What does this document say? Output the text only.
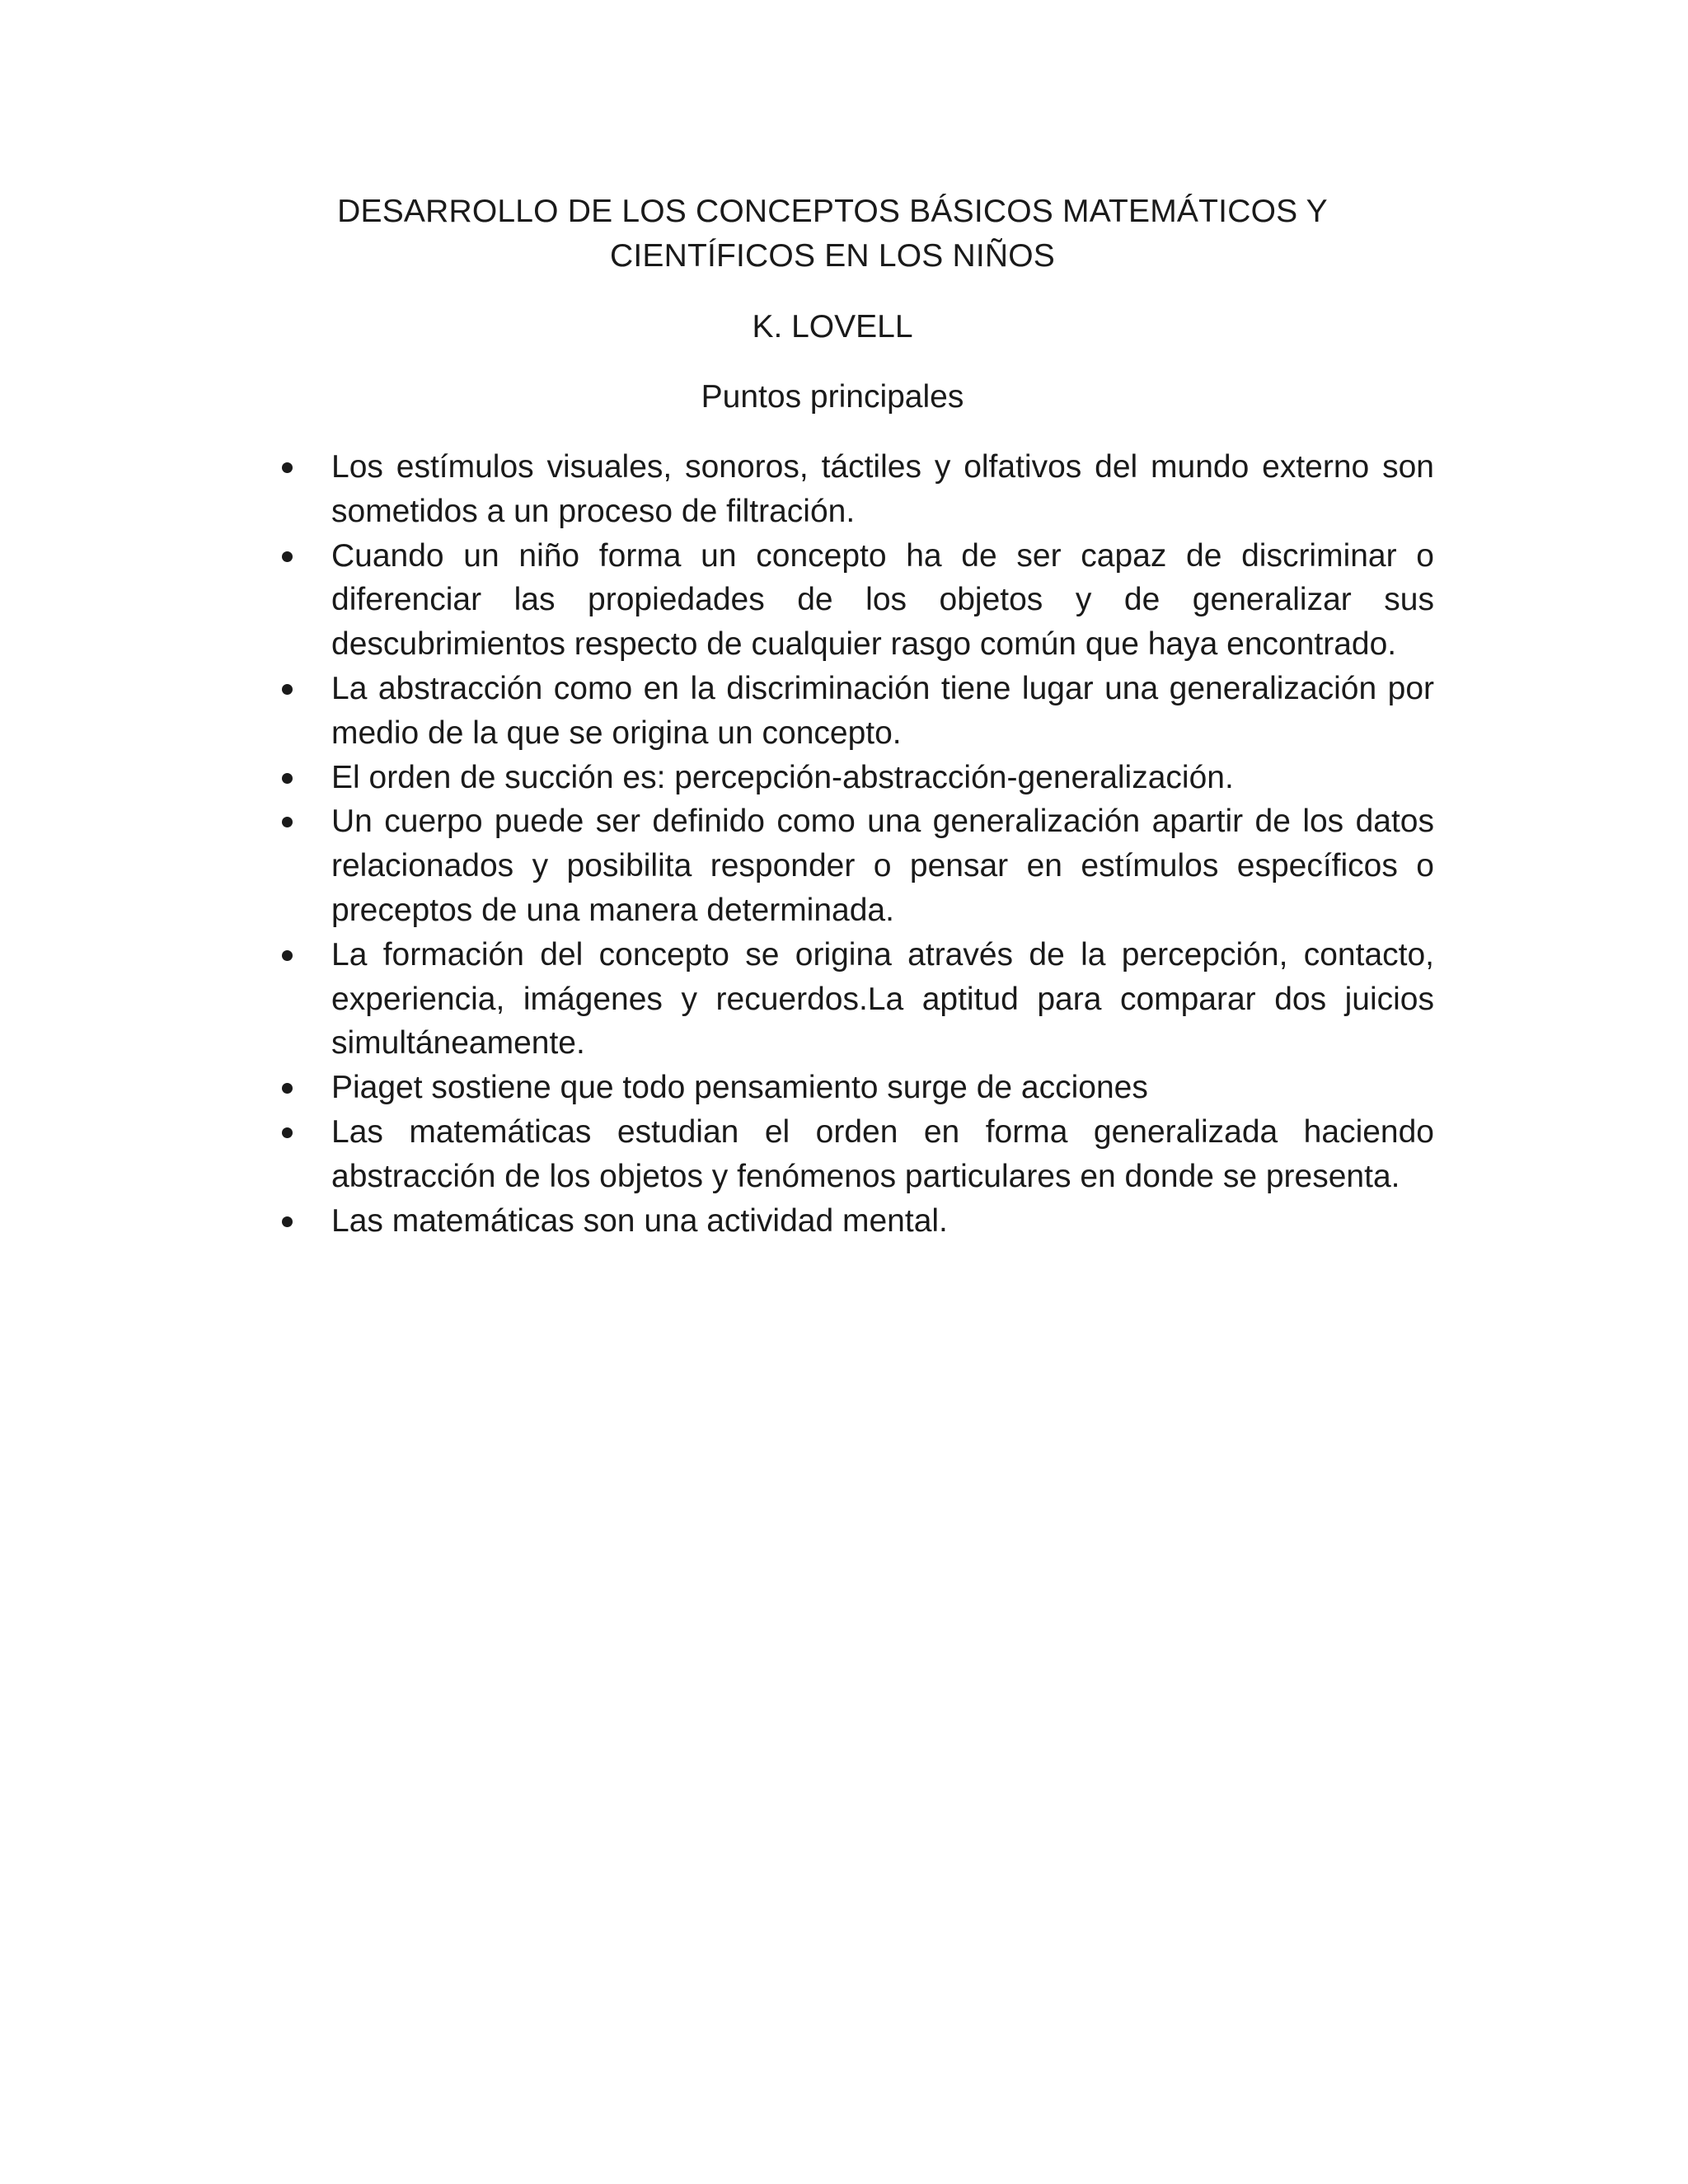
DESARROLLO DE LOS CONCEPTOS BÁSICOS MATEMÁTICOS Y
CIENTÍFICOS EN LOS NIÑOS
K. LOVELL
Puntos principales
Los estímulos visuales, sonoros, táctiles y olfativos del mundo externo son sometidos a un proceso de filtración.
Cuando un niño forma un concepto ha de ser capaz de discriminar o diferenciar las propiedades de los objetos y de generalizar sus descubrimientos respecto de cualquier rasgo común que haya encontrado.
La abstracción como en la discriminación tiene lugar una generalización por medio de la que se origina un concepto.
El orden de succión es: percepción-abstracción-generalización.
Un cuerpo puede ser definido como una generalización apartir de los datos relacionados y posibilita responder o pensar en estímulos específicos o preceptos de una manera determinada.
La formación del concepto se origina através de la percepción, contacto, experiencia, imágenes y recuerdos.La aptitud para comparar dos juicios simultáneamente.
Piaget sostiene que todo pensamiento surge de acciones
Las matemáticas estudian el orden en forma generalizada haciendo abstracción de los objetos y fenómenos particulares en donde se presenta.
Las matemáticas son una actividad mental.
